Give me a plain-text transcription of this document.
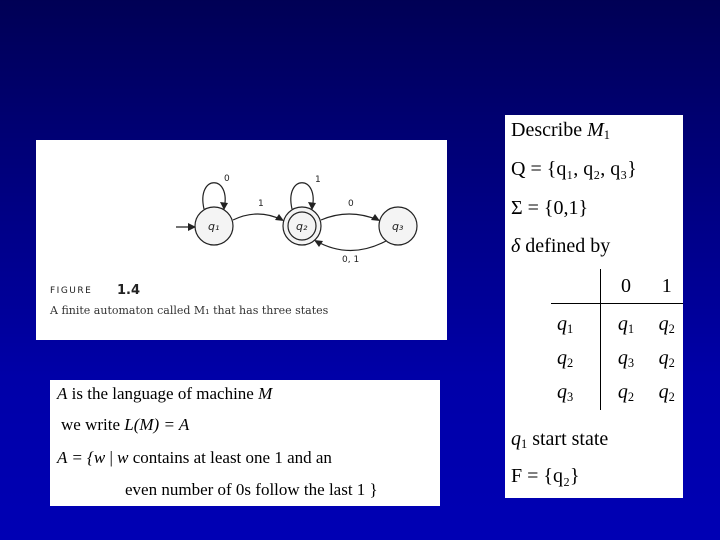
q₁	q₂	q₃
0
1
1
0
0, 1
FIGURE 1.4
A finite automaton called M₁ that has three states
A is the language of machine M
we write L(M) = A
A = {w | w contains at least one 1 and an
even number of 0s follow the last 1 }
Describe $M_1$
Q = {q₁, q₂, q₃}
Σ = {0,1}
δ defined by
	0	1
$q_1$	$q_1$	$q_2$
$q_2$	$q_3$	$q_2$
$q_3$	$q_2$	$q_2$
$q_1$ start state
F = {q₂}
